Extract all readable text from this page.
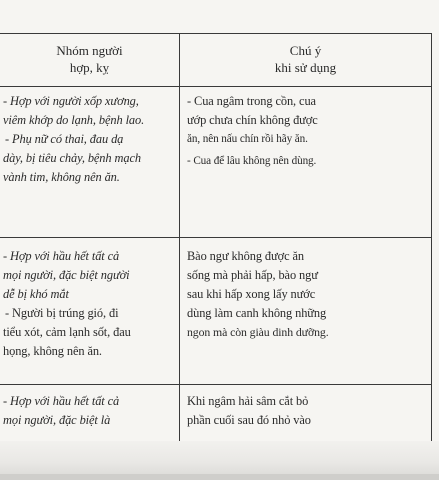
Nhóm người
hợp, kỵ
Chú ý
khi sử dụng
- Hợp với người xốp xương,
viêm khớp do lạnh, bệnh lao.
- Phụ nữ có thai, đau dạ
dày, bị tiêu chảy, bệnh mạch
vành tim, không nên ăn.
- Cua ngâm trong cồn, cua
ướp chưa chín không được
ăn, nên nấu chín rồi hãy ăn.
- Cua để lâu không nên dùng.
- Hợp với hầu hết tất cả
mọi người, đặc biệt người
dễ bị khó mắt
- Người bị trúng gió, đi
tiểu xót, cảm lạnh sốt, đau
họng, không nên ăn.
Bào ngư không được ăn
sống mà phải hấp, bào ngư
sau khi hấp xong lấy nước
dùng làm canh không những
ngon mà còn giàu dinh dưỡng.
- Hợp với hầu hết tất cả
mọi người, đặc biệt là
Khi ngâm hải sâm cắt bỏ
phần cuối sau đó nhỏ vào
